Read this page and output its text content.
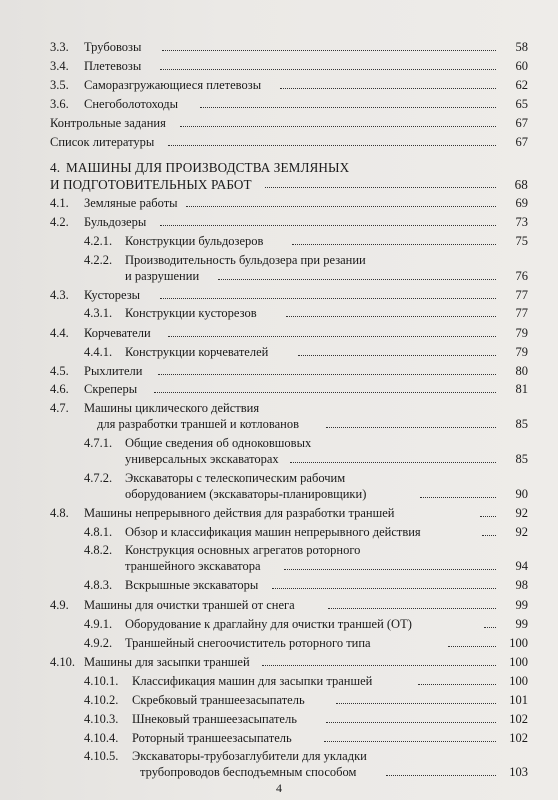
3.3. Трубовозы	58
3.4. Плетевозы	60
3.5. Саморазгружающиеся плетевозы	62
3.6. Снегоболотоходы	65
Контрольные задания	67
Список литературы	67
4. МАШИНЫ ДЛЯ ПРОИЗВОДСТВА ЗЕМЛЯНЫХ
И ПОДГОТОВИТЕЛЬНЫХ РАБОТ	68
4.1. Земляные работы	69
4.2. Бульдозеры	73
4.2.1. Конструкции бульдозеров	75
4.2.2. Производительность бульдозера при резании
и разрушении	76
4.3. Кусторезы	77
4.3.1. Конструкции кусторезов	77
4.4. Корчеватели	79
4.4.1. Конструкции корчевателей	79
4.5. Рыхлители	80
4.6. Скреперы	81
4.7. Машины циклического действия
для разработки траншей и котлованов	85
4.7.1. Общие сведения об одноковшовых
универсальных экскаваторах	85
4.7.2. Экскаваторы с телескопическим рабочим
оборудованием (экскаваторы-планировщики)	90
4.8. Машины непрерывного действия для разработки траншей	92
4.8.1. Обзор и классификация машин непрерывного действия	92
4.8.2. Конструкция основных агрегатов роторного
траншейного экскаватора	94
4.8.3. Вскрышные экскаваторы	98
4.9. Машины для очистки траншей от снега	99
4.9.1. Оборудование к драглайну для очистки траншей (ОТ)	99
4.9.2. Траншейный снегоочиститель роторного типа	100
4.10. Машины для засыпки траншей	100
4.10.1. Классификация машин для засыпки траншей	100
4.10.2. Скребковый траншеезасыпатель	101
4.10.3. Шнековый траншеезасыпатель	102
4.10.4. Роторный траншеезасыпатель	102
4.10.5. Экскаваторы-трубозаглубители для укладки
трубопроводов бесподъемным способом	103
4
